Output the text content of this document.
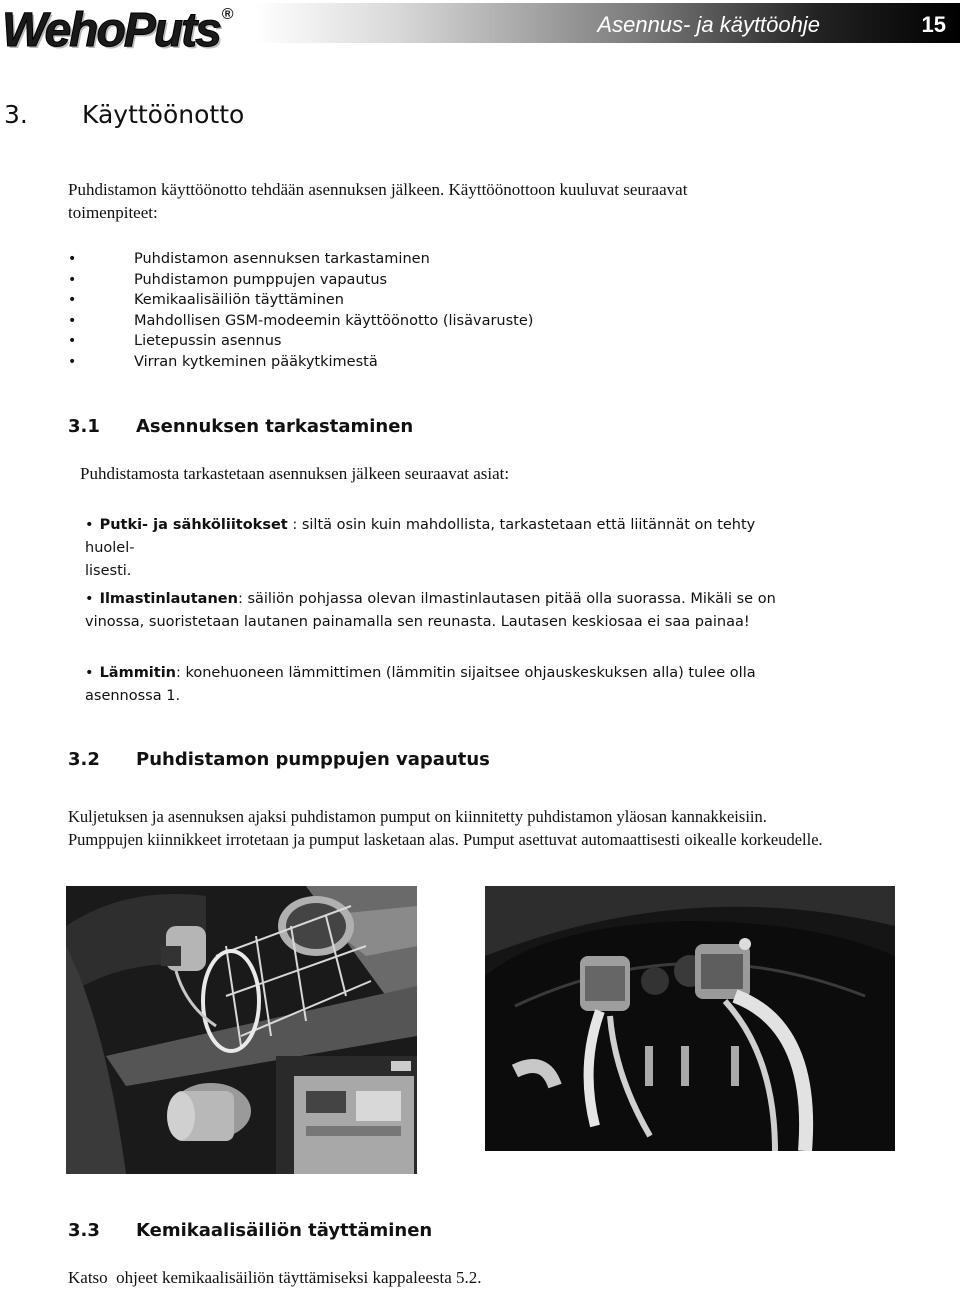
WehoPuts ®	Asennus- ja käyttöohje	15
3. Käyttöönotto
Puhdistamon käyttöönotto tehdään asennuksen jälkeen. Käyttöönottoon kuuluvat seuraavat
toimenpiteet:
• Puhdistamon asennuksen tarkastaminen
• Puhdistamon pumppujen vapautus
• Kemikaalisäiliön täyttäminen
• Mahdollisen GSM-modeemin käyttöönotto (lisävaruste)
• Lietepussin asennus
• Virran kytkeminen pääkytkimestä
3.1 Asennuksen tarkastaminen
Puhdistamosta tarkastetaan asennuksen jälkeen seuraavat asiat:
• Putki- ja sähköliitokset : siltä osin kuin mahdollista, tarkastetaan että liitännät on tehty huolel-
lisesti.
• Ilmastinlautanen: säiliön pohjassa olevan ilmastinlautasen pitää olla suorassa. Mikäli se on
vinossa, suoristetaan lautanen painamalla sen reunasta. Lautasen keskiosaa ei saa painaa!
• Lämmitin: konehuoneen lämmittimen (lämmitin sijaitsee ohjauskeskuksen alla) tulee olla
asennossa 1.
3.2 Puhdistamon pumppujen vapautus
Kuljetuksen ja asennuksen ajaksi puhdistamon pumput on kiinnitetty puhdistamon yläosan kannakkeisiin.
Pumppujen kiinnikkeet irrotetaan ja pumput lasketaan alas. Pumput asettuvat automaattisesti oikealle korkeudelle.
3.3 Kemikaalisäiliön täyttäminen
Katso  ohjeet kemikaalisäiliön täyttämiseksi kappaleesta 5.2.
